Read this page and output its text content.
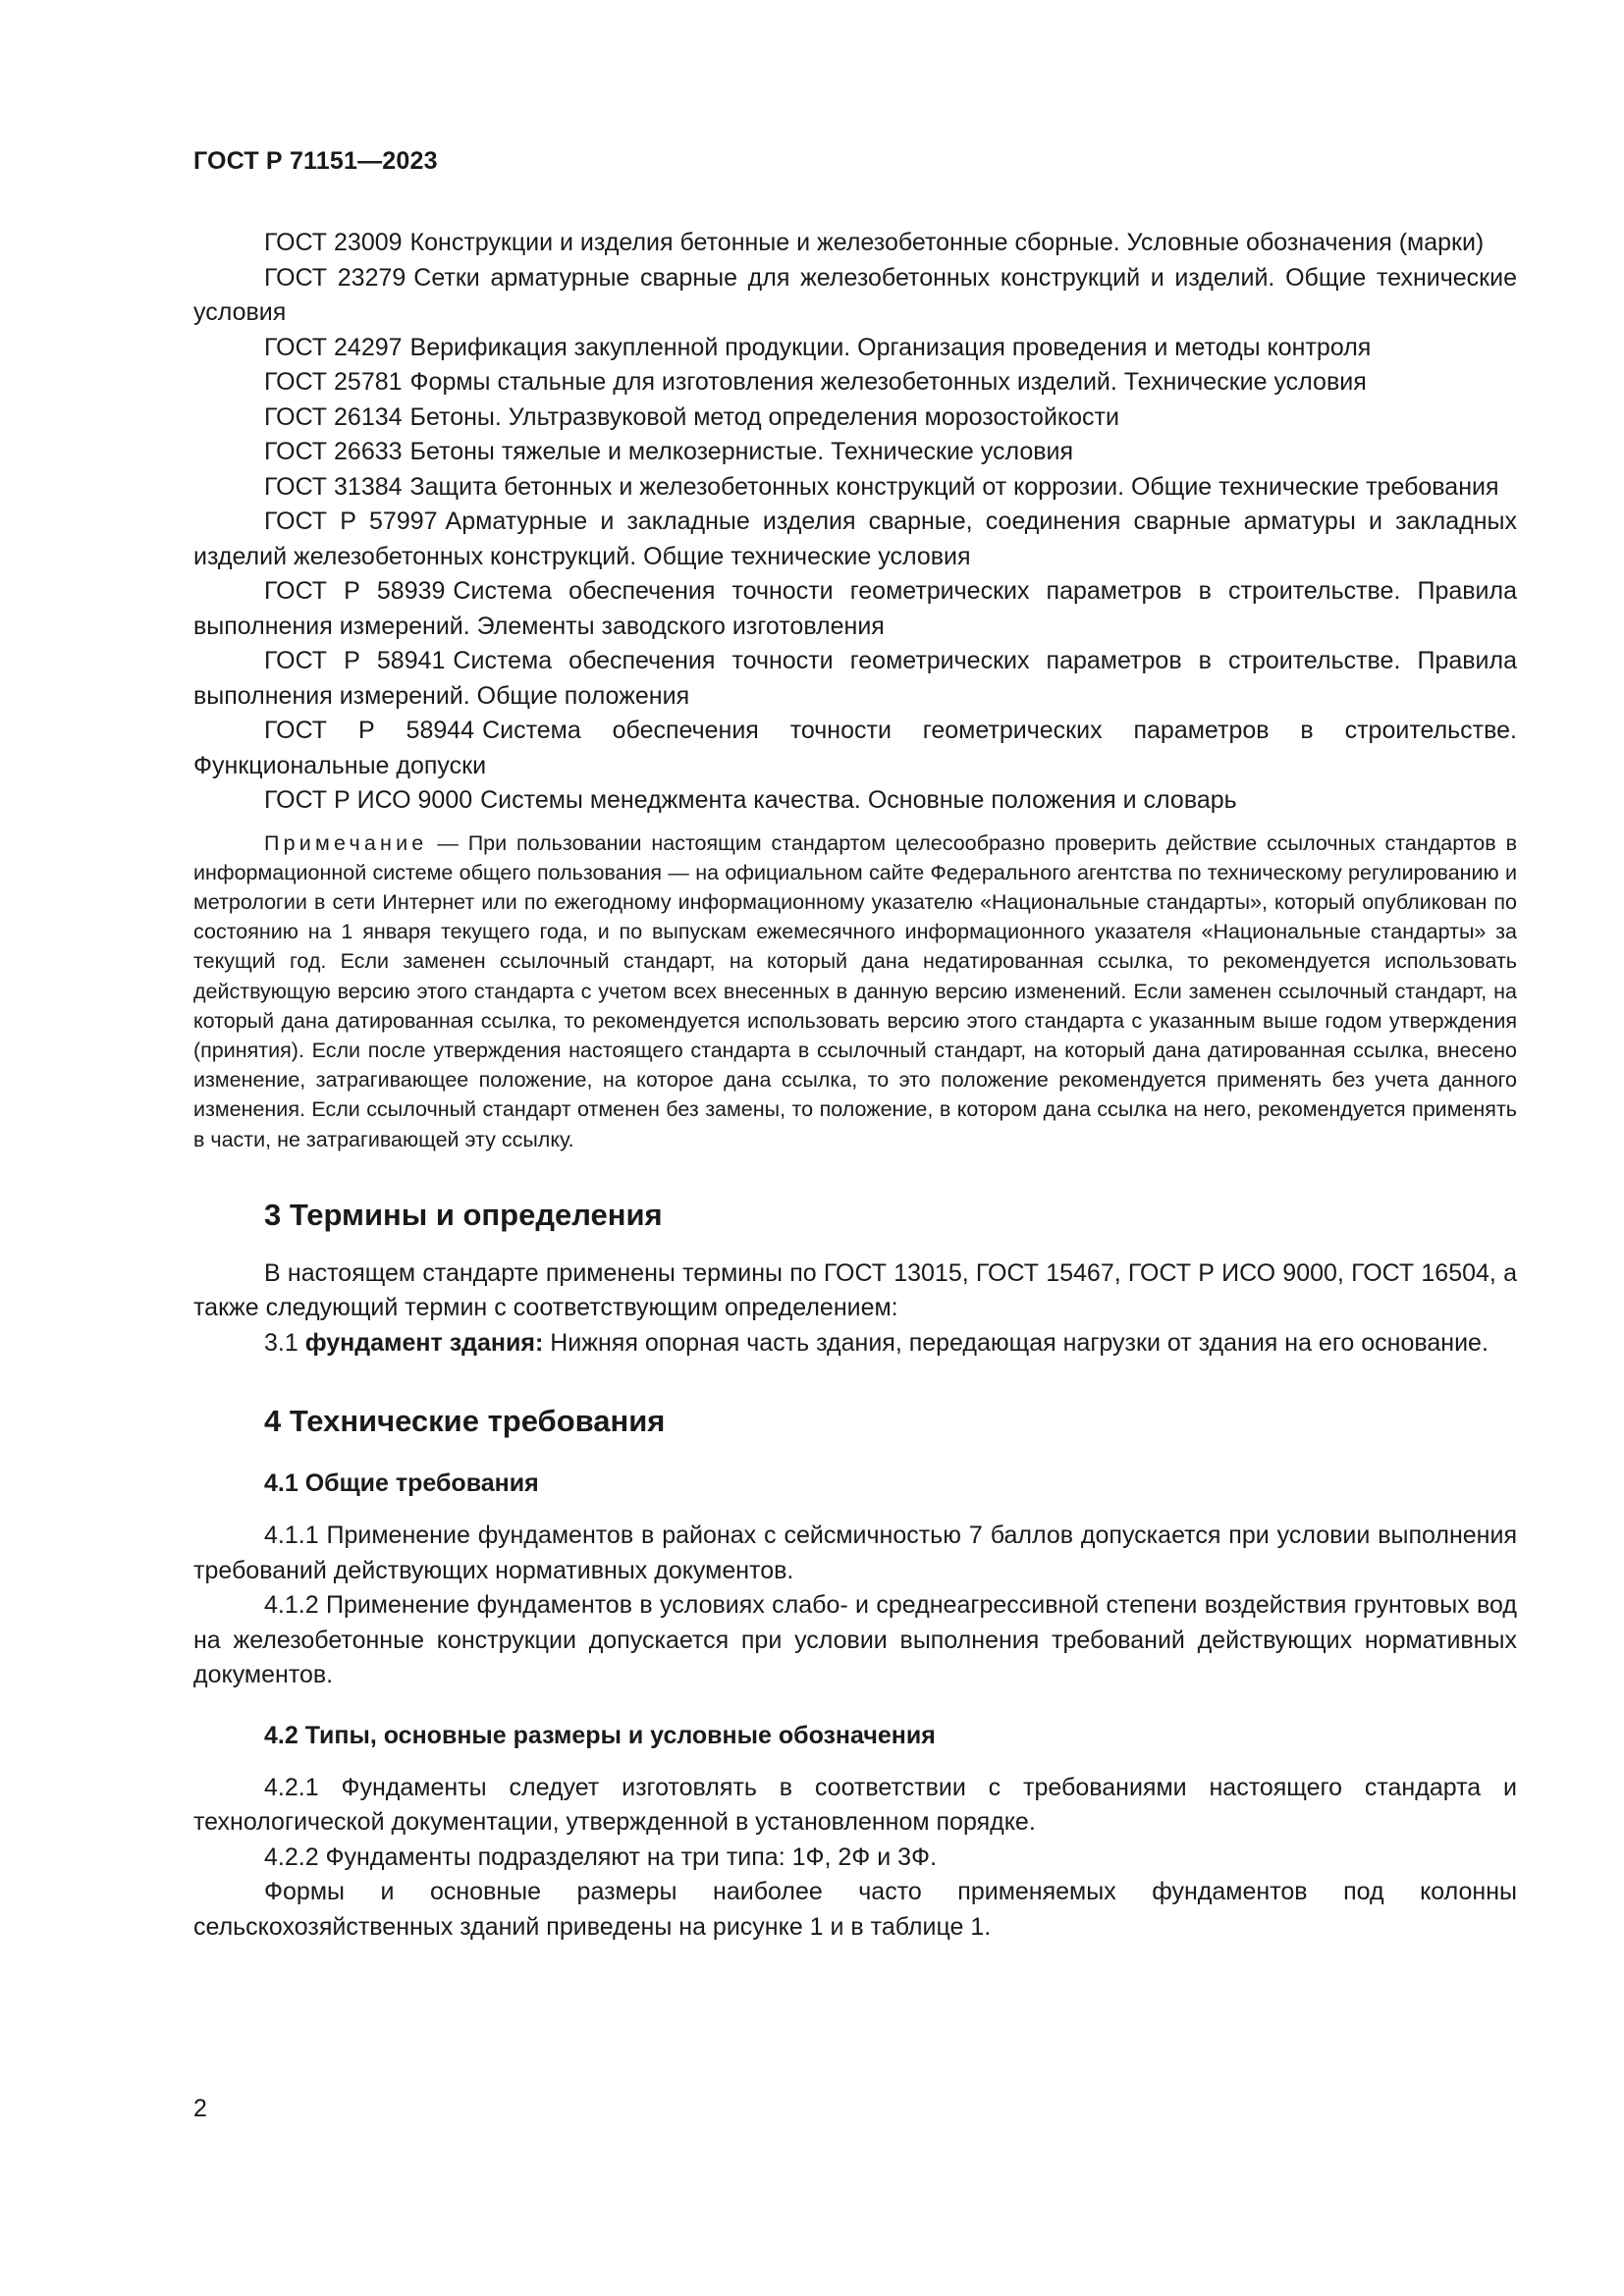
ГОСТ Р 71151—2023

ГОСТ 23009 Конструкции и изделия бетонные и железобетонные сборные. Условные обозначения (марки)

ГОСТ 23279 Сетки арматурные сварные для железобетонных конструкций и изделий. Общие технические условия

ГОСТ 24297 Верификация закупленной продукции. Организация проведения и методы контроля

ГОСТ 25781 Формы стальные для изготовления железобетонных изделий. Технические условия

ГОСТ 26134 Бетоны. Ультразвуковой метод определения морозостойкости

ГОСТ 26633 Бетоны тяжелые и мелкозернистые. Технические условия

ГОСТ 31384 Защита бетонных и железобетонных конструкций от коррозии. Общие технические требования

ГОСТ Р 57997 Арматурные и закладные изделия сварные, соединения сварные арматуры и закладных изделий железобетонных конструкций. Общие технические условия

ГОСТ Р 58939 Система обеспечения точности геометрических параметров в строительстве. Правила выполнения измерений. Элементы заводского изготовления

ГОСТ Р 58941 Система обеспечения точности геометрических параметров в строительстве. Правила выполнения измерений. Общие положения

ГОСТ Р 58944 Система обеспечения точности геометрических параметров в строительстве. Функциональные допуски

ГОСТ Р ИСО 9000 Системы менеджмента качества. Основные положения и словарь

Примечание — При пользовании настоящим стандартом целесообразно проверить действие ссылочных стандартов в информационной системе общего пользования — на официальном сайте Федерального агентства по техническому регулированию и метрологии в сети Интернет или по ежегодному информационному указателю «Национальные стандарты», который опубликован по состоянию на 1 января текущего года, и по выпускам ежемесячного информационного указателя «Национальные стандарты» за текущий год. Если заменен ссылочный стандарт, на который дана недатированная ссылка, то рекомендуется использовать действующую версию этого стандарта с учетом всех внесенных в данную версию изменений. Если заменен ссылочный стандарт, на который дана датированная ссылка, то рекомендуется использовать версию этого стандарта с указанным выше годом утверждения (принятия). Если после утверждения настоящего стандарта в ссылочный стандарт, на который дана датированная ссылка, внесено изменение, затрагивающее положение, на которое дана ссылка, то это положение рекомендуется применять без учета данного изменения. Если ссылочный стандарт отменен без замены, то положение, в котором дана ссылка на него, рекомендуется применять в части, не затрагивающей эту ссылку.

3 Термины и определения

В настоящем стандарте применены термины по ГОСТ 13015, ГОСТ 15467, ГОСТ Р ИСО 9000, ГОСТ 16504, а также следующий термин с соответствующим определением:

3.1 фундамент здания: Нижняя опорная часть здания, передающая нагрузки от здания на его основание.

4 Технические требования
4.1 Общие требования

4.1.1 Применение фундаментов в районах с сейсмичностью 7 баллов допускается при условии выполнения требований действующих нормативных документов.

4.1.2 Применение фундаментов в условиях слабо- и среднеагрессивной степени воздействия грунтовых вод на железобетонные конструкции допускается при условии выполнения требований действующих нормативных документов.

4.2 Типы, основные размеры и условные обозначения

4.2.1 Фундаменты следует изготовлять в соответствии с требованиями настоящего стандарта и технологической документации, утвержденной в установленном порядке.

4.2.2 Фундаменты подразделяют на три типа: 1Ф, 2Ф и 3Ф.

Формы и основные размеры наиболее часто применяемых фундаментов под колонны сельскохозяйственных зданий приведены на рисунке 1 и в таблице 1.

2
